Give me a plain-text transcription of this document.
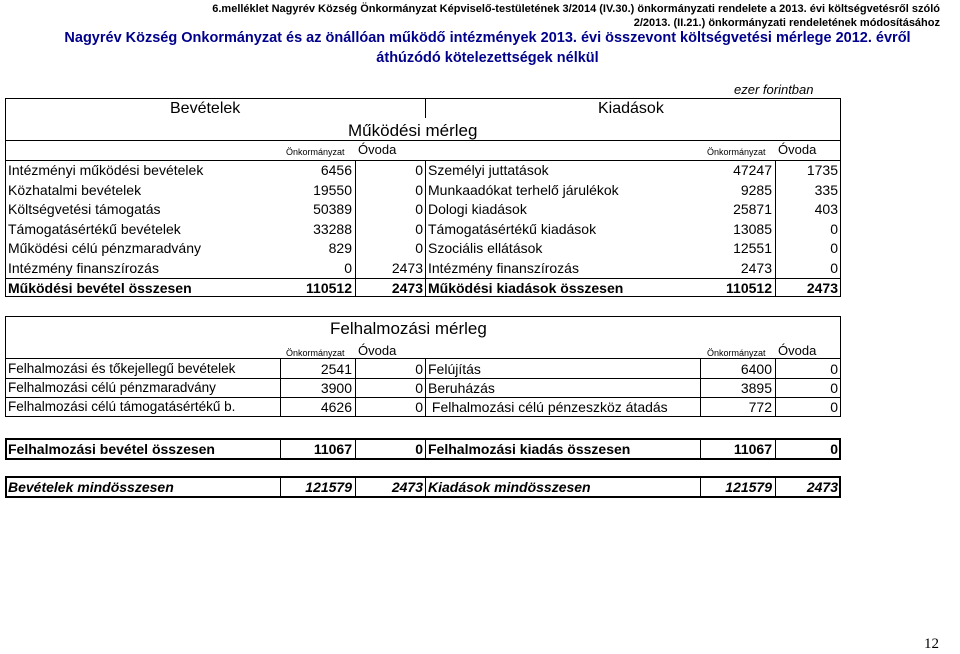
6.melléklet Nagyrév Község Önkormányzat Képviselő-testületének 3/2014 (IV.30.) önkormányzati rendelete a 2013. évi költségvetésről szóló
2/2013. (II.21.) önkormányzati rendeletének módosításához
Nagyrév Község Onkormányzat és az önállóan működő intézmények 2013. évi összevont költségvetési mérlege 2012. évről
áthúzódó kötelezettségek nélkül
ezer forintban
Bevételek	Kiadások
Működési mérleg
Önkormányzat Óvoda	Önkormányzat Óvoda
Intézményi működési bevételek	6456	0 Személyi juttatások	47247	1735
Közhatalmi bevételek	19550	0 Munkaadókat terhelő járulékok	9285	335
Költségvetési támogatás	50389	0 Dologi kiadások	25871	403
Támogatásértékű bevételek	33288	0 Támogatásértékű kiadások	13085	0
Működési célú pénzmaradvány	829	0 Szociális ellátások	12551	0
Intézmény finanszírozás	0	2473 Intézmény finanszírozás	2473	0
Működési bevétel összesen	110512	2473 Működési kiadások összesen	110512	2473
Felhalmozási mérleg
Önkormányzat Óvoda	Önkormányzat Óvoda
Felhalmozási és tőkejellegű bevételek	2541	0 Felújítás	6400	0
Felhalmozási célú pénzmaradvány	3900	0 Beruházás	3895	0
Felhalmozási célú támogatásértékű b.	4626	0 Felhalmozási célú pénzeszköz átadás	772	0
Felhalmozási bevétel összesen	11067	0 Felhalmozási kiadás összesen	11067	0
Bevételek mindösszesen	121579	2473 Kiadások mindösszesen	121579	2473
12
